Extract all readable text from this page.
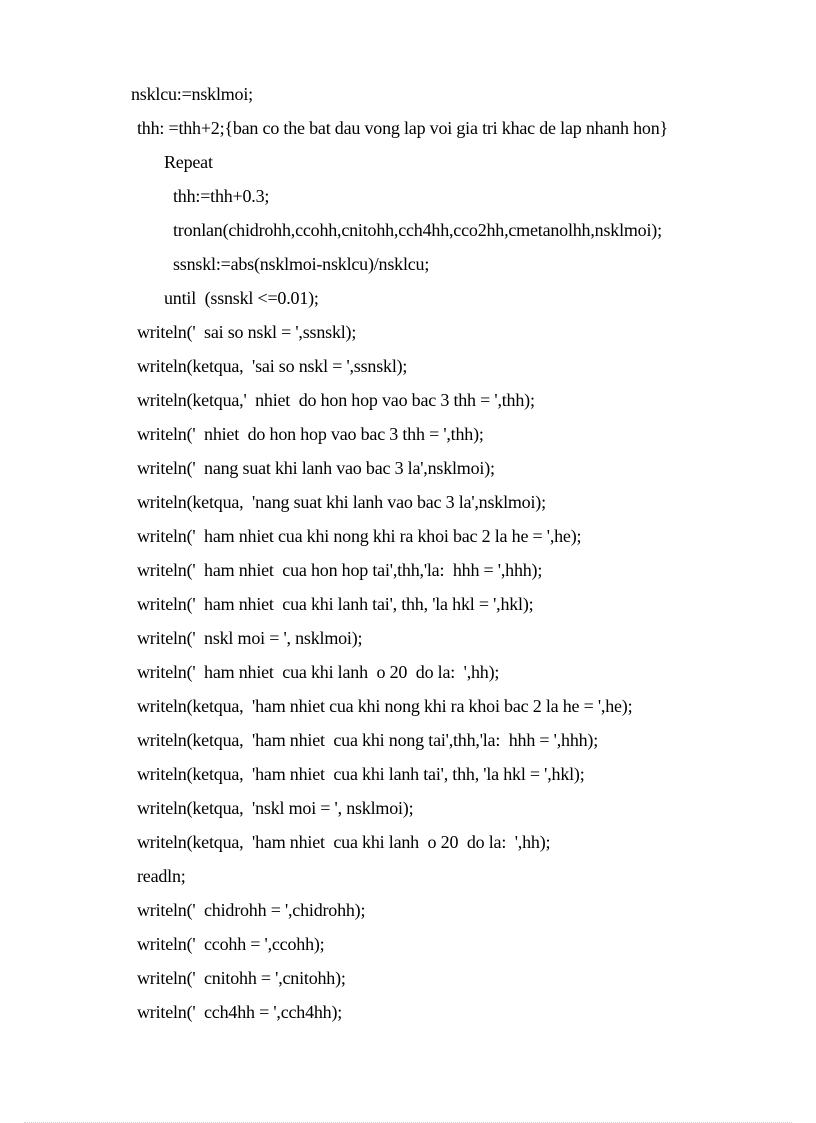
nsklcu:=nsklmoi;
thh: =thh+2;{ban co the bat dau vong lap voi gia tri khac de lap nhanh hon}
Repeat
thh:=thh+0.3;
tronlan(chidrohh,ccohh,cnitohh,cch4hh,cco2hh,cmetanolhh,nsklmoi);
ssnskl:=abs(nsklmoi-nsklcu)/nsklcu;
until  (ssnskl <=0.01);
writeln('  sai so nskl = ',ssnskl);
writeln(ketqua,  'sai so nskl = ',ssnskl);
writeln(ketqua,'  nhiet  do hon hop vao bac 3 thh = ',thh);
writeln('  nhiet  do hon hop vao bac 3 thh = ',thh);
writeln('  nang suat khi lanh vao bac 3 la',nsklmoi);
writeln(ketqua,  'nang suat khi lanh vao bac 3 la',nsklmoi);
writeln('  ham nhiet cua khi nong khi ra khoi bac 2 la he = ',he);
writeln('  ham nhiet  cua hon hop tai',thh,'la:  hhh = ',hhh);
writeln('  ham nhiet  cua khi lanh tai', thh, 'la hkl = ',hkl);
writeln('  nskl moi = ', nsklmoi);
writeln('  ham nhiet  cua khi lanh  o 20  do la:  ',hh);
writeln(ketqua,  'ham nhiet cua khi nong khi ra khoi bac 2 la he = ',he);
writeln(ketqua,  'ham nhiet  cua khi nong tai',thh,'la:  hhh = ',hhh);
writeln(ketqua,  'ham nhiet  cua khi lanh tai', thh, 'la hkl = ',hkl);
writeln(ketqua,  'nskl moi = ', nsklmoi);
writeln(ketqua,  'ham nhiet  cua khi lanh  o 20  do la:  ',hh);
readln;
writeln('  chidrohh = ',chidrohh);
writeln('  ccohh = ',ccohh);
writeln('  cnitohh = ',cnitohh);
writeln('  cch4hh = ',cch4hh);
